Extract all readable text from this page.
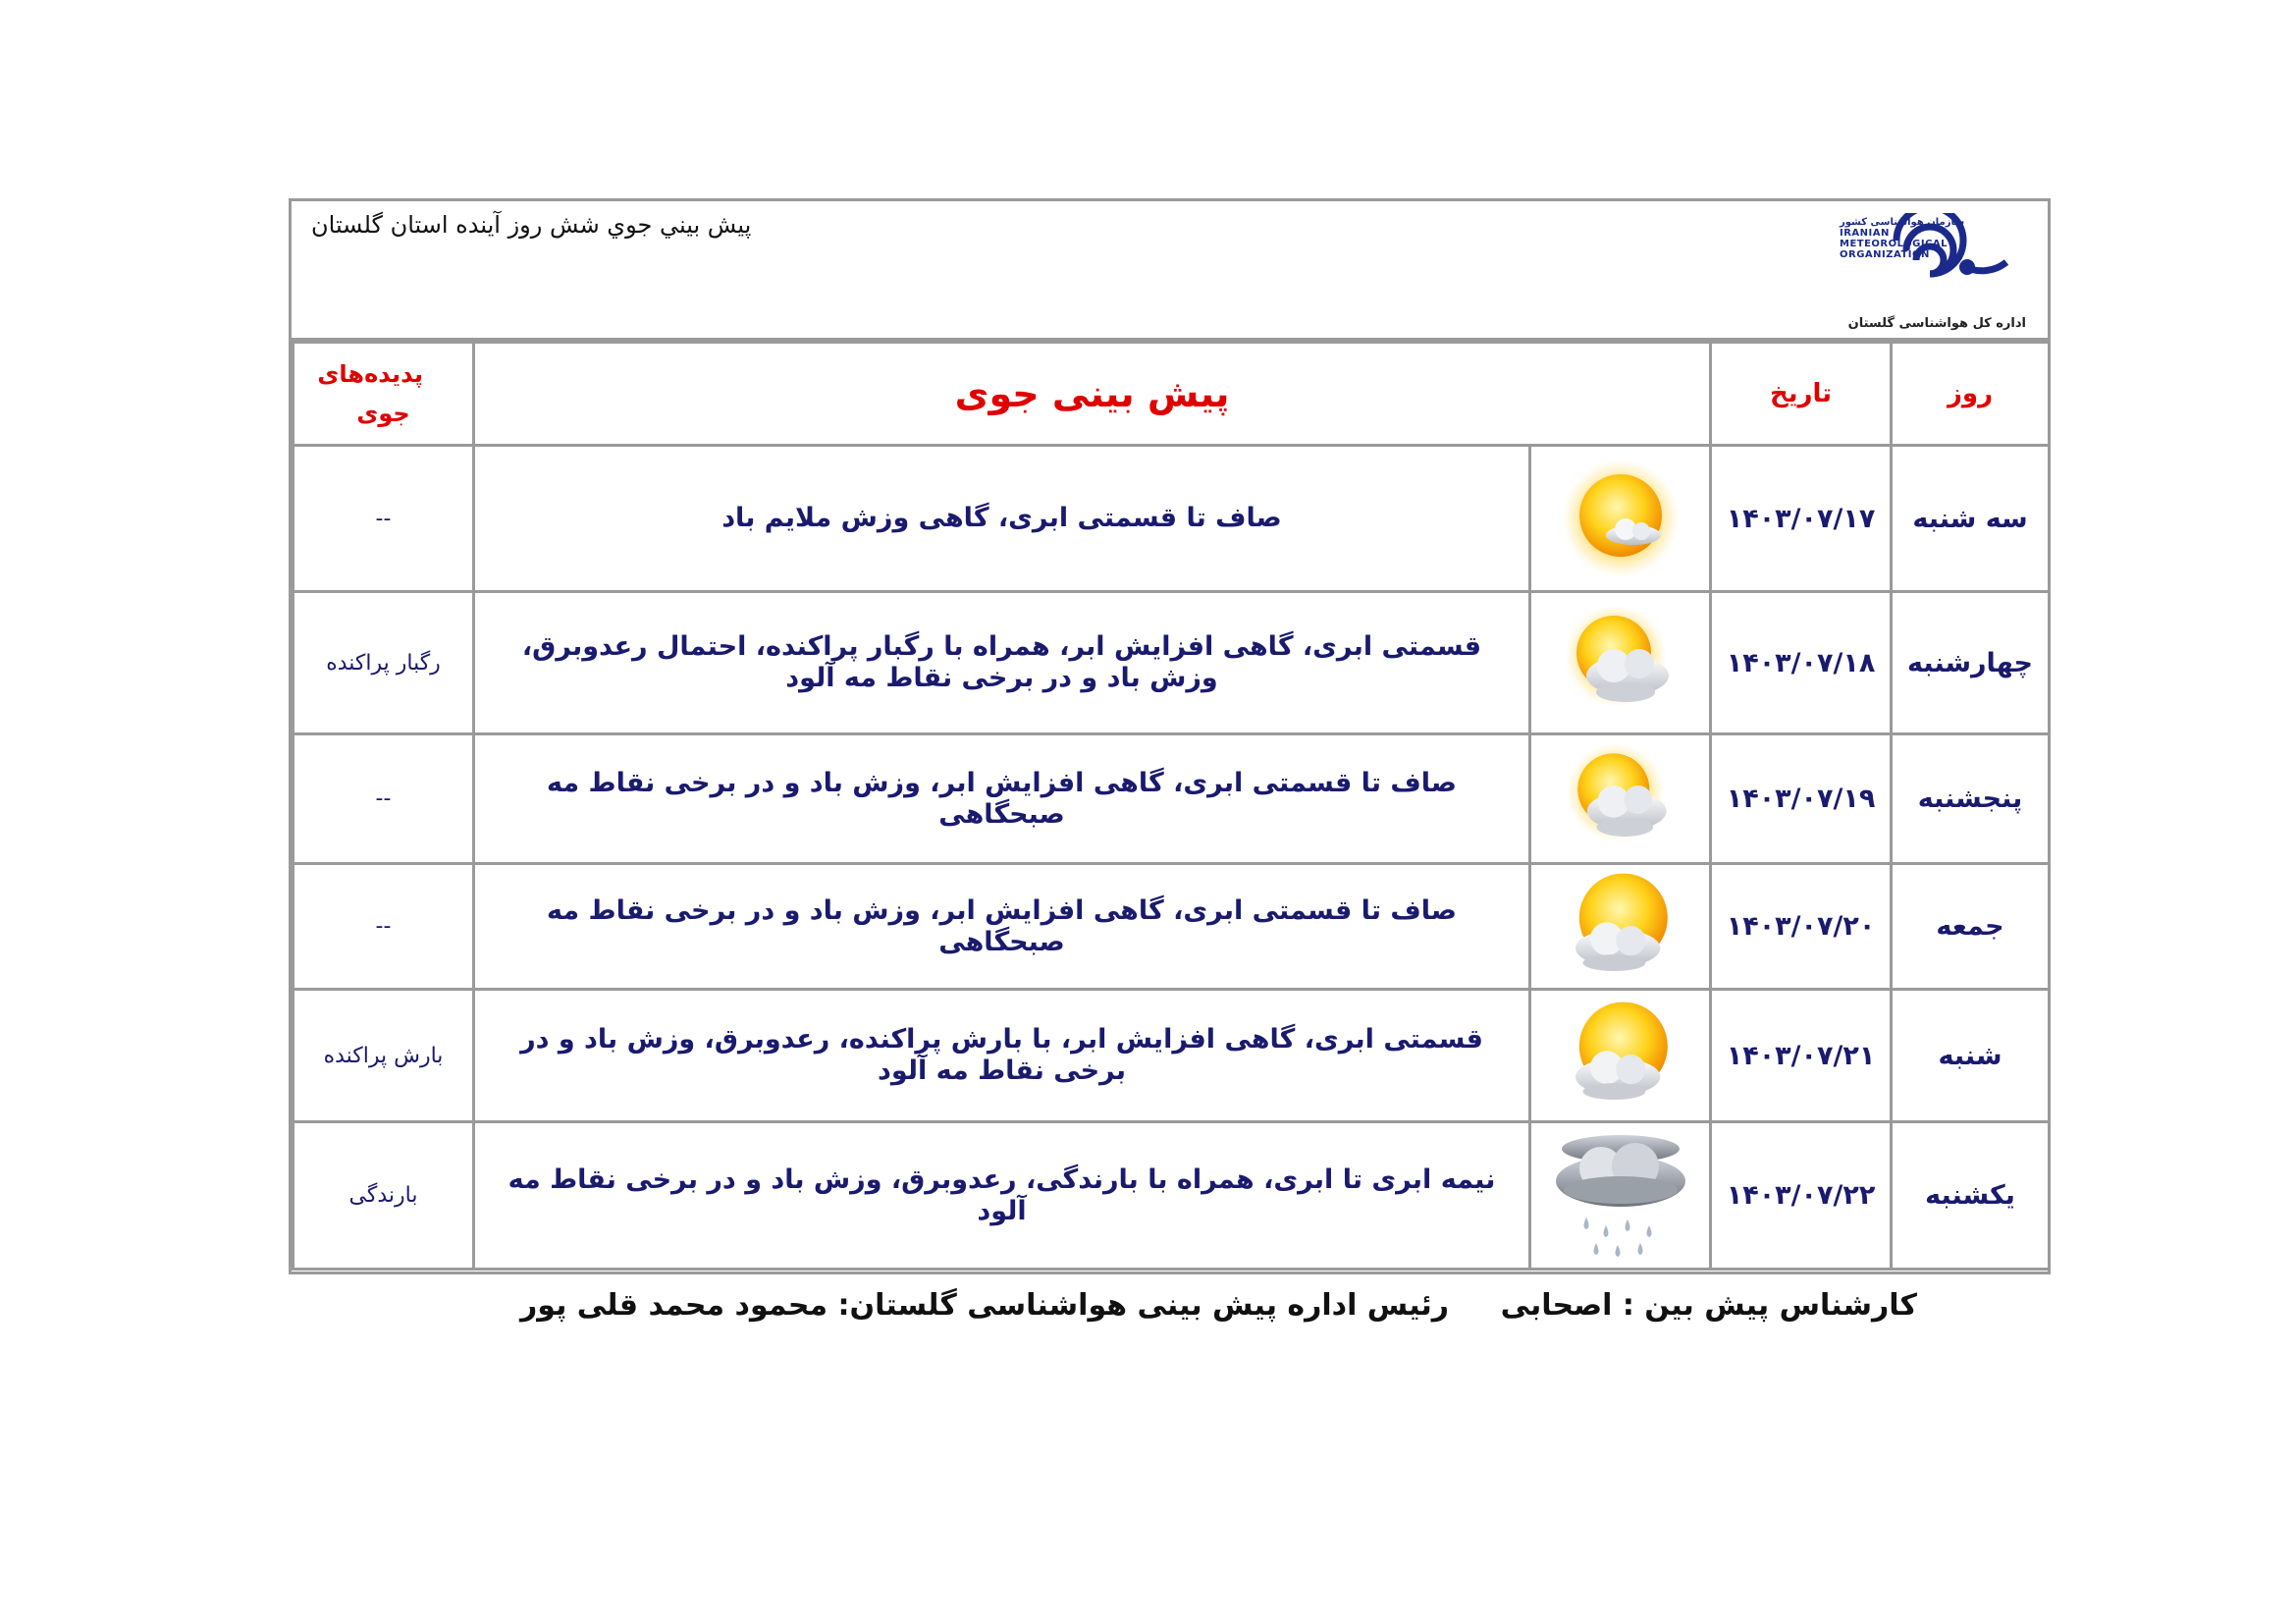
پيش بيني جوي شش روز آينده استان گلستان	سازمان هواشناسی کشور
IRANIAN
METEOROLOGICAL
ORGANIZATION
اداره کل هواشناسی گلستان
پدیده‌های جوی	پیش بینی جوی		تاریخ	روز
--	صاف تا قسمتی ابری، گاهی وزش ملایم باد		۱۴۰۳/۰۷/۱۷	سه شنبه
رگبار پراکنده	قسمتی ابری، گاهی افزایش ابر، همراه با رگبار پراکنده، احتمال رعدوبرق، وزش باد و در برخی نقاط مه آلود		۱۴۰۳/۰۷/۱۸	چهارشنبه
--	صاف تا قسمتی ابری، گاهی افزایش ابر، وزش باد و در برخی نقاط مه صبحگاهی		۱۴۰۳/۰۷/۱۹	پنجشنبه
--	صاف تا قسمتی ابری، گاهی افزایش ابر، وزش باد و در برخی نقاط مه صبحگاهی		۱۴۰۳/۰۷/۲۰	جمعه
بارش پراکنده	قسمتی ابری، گاهی افزایش ابر، با بارش پراکنده، رعدوبرق، وزش باد و در برخی نقاط مه آلود		۱۴۰۳/۰۷/۲۱	شنبه
بارندگی	نیمه ابری تا ابری، همراه با بارندگی، رعدوبرق، وزش باد و در برخی نقاط مه آلود		۱۴۰۳/۰۷/۲۲	یکشنبه
کارشناس پیش بین : اصحابی
رئیس اداره پیش بینی هواشناسی گلستان: محمود محمد قلی پور
